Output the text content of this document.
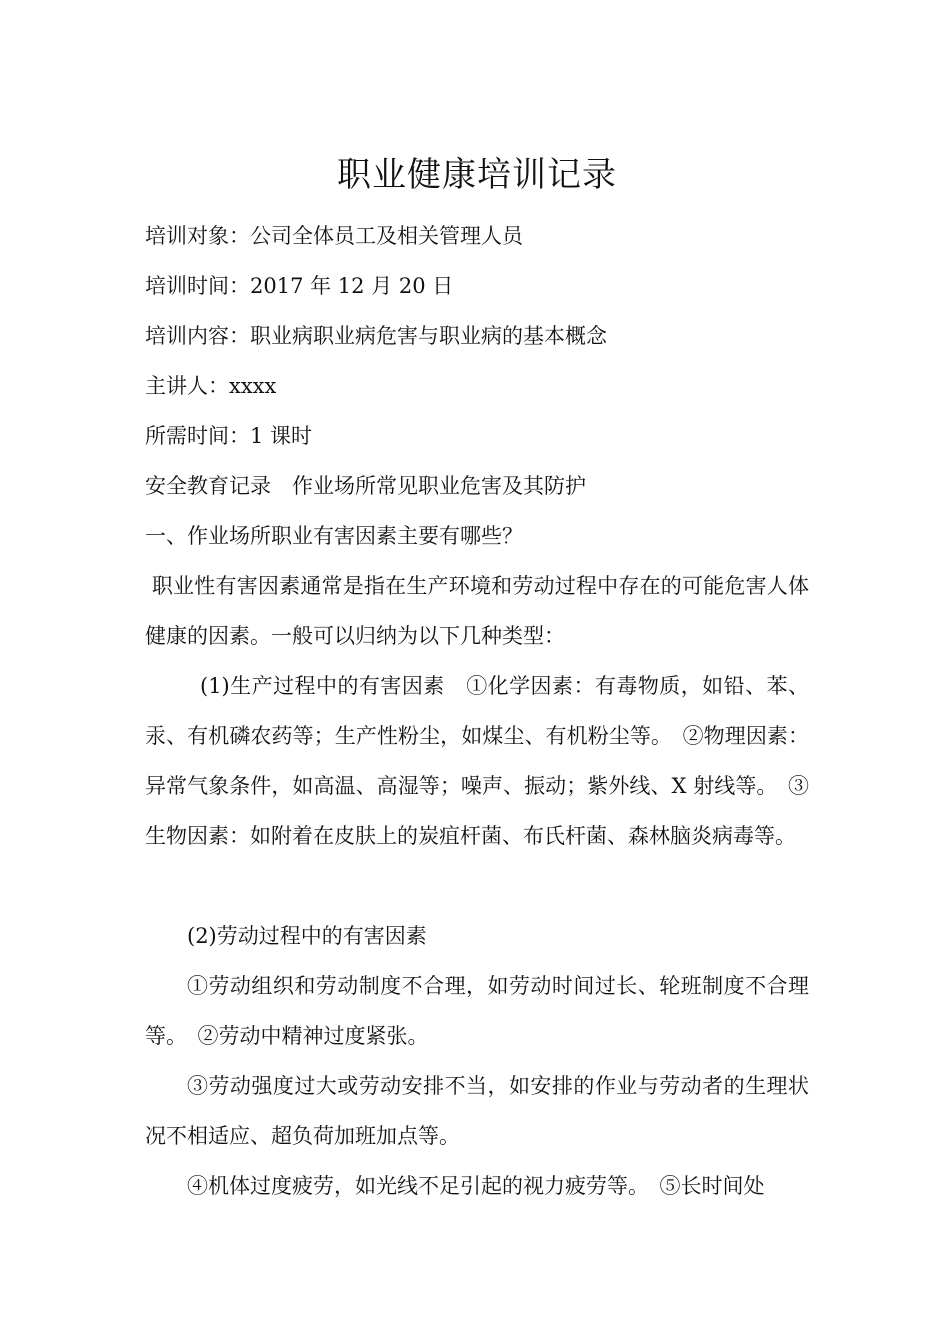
职业健康培训记录
培训对象：公司全体员工及相关管理人员
培训时间：2017 年 12 月 20 日
培训内容：职业病职业病危害与职业病的基本概念
主讲人：xxxx
所需时间：1 课时
安全教育记录　作业场所常见职业危害及其防护
一、作业场所职业有害因素主要有哪些？

职业性有害因素通常是指在生产环境和劳动过程中存在的可能危害人体健康的因素。一般可以归纳为以下几种类型：

(1)生产过程中的有害因素　①化学因素：有毒物质，如铅、苯、汞、有机磷农药等；生产性粉尘，如煤尘、有机粉尘等。　②物理因素：异常气象条件，如高温、高湿等；噪声、振动；紫外线、X 射线等。　③生物因素：如附着在皮肤上的炭疽杆菌、布氏杆菌、森林脑炎病毒等。

(2)劳动过程中的有害因素

①劳动组织和劳动制度不合理，如劳动时间过长、轮班制度不合理等。　②劳动中精神过度紧张。

③劳动强度过大或劳动安排不当，如安排的作业与劳动者的生理状况不相适应、超负荷加班加点等。

④机体过度疲劳，如光线不足引起的视力疲劳等。　⑤长时间处
